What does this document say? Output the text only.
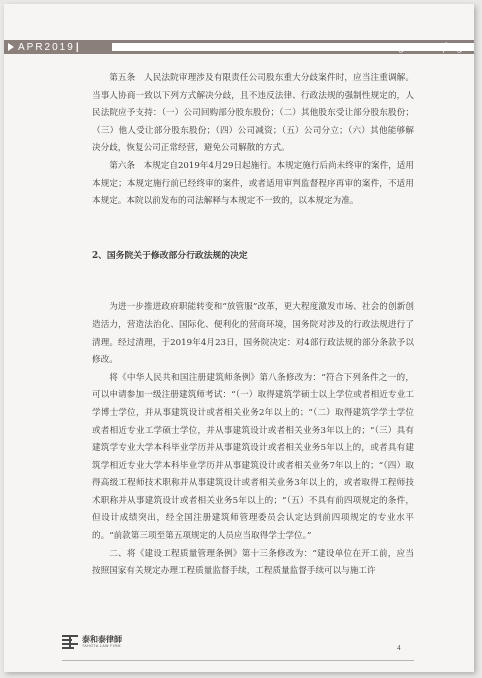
APR2019 |	Legal Briefing

第五条　人民法院审理涉及有限责任公司股东重大分歧案件时，应当注重调解。当事人协商一致以下列方式解决分歧，且不违反法律、行政法规的强制性规定的，人民法院应予支持：（一）公司回购部分股东股份；（二）其他股东受让部分股东股份；（三）他人受让部分股东股份；（四）公司减资；（五）公司分立；（六）其他能够解决分歧，恢复公司正常经营，避免公司解散的方式。

第六条　本规定自2019年4月29日起施行。本规定施行后尚未终审的案件，适用本规定；本规定施行前已经终审的案件，或者适用审判监督程序再审的案件，不适用本规定。本院以前发布的司法解释与本规定不一致的，以本规定为准。

2、国务院关于修改部分行政法规的决定

为进一步推进政府职能转变和“放管服”改革，更大程度激发市场、社会的创新创造活力，营造法治化、国际化、便利化的营商环境，国务院对涉及的行政法规进行了清理。经过清理，于2019年4月23日，国务院决定：对4部行政法规的部分条款予以修改。

将《中华人民共和国注册建筑师条例》第八条修改为：“符合下列条件之一的，可以申请参加一级注册建筑师考试：“（一）取得建筑学硕士以上学位或者相近专业工学博士学位，并从事建筑设计或者相关业务2年以上的；“（二）取得建筑学学士学位或者相近专业工学硕士学位，并从事建筑设计或者相关业务3年以上的；“（三）具有建筑学专业大学本科毕业学历并从事建筑设计或者相关业务5年以上的，或者具有建筑学相近专业大学本科毕业学历并从事建筑设计或者相关业务7年以上的；“（四）取得高级工程师技术职称并从事建筑设计或者相关业务3年以上的，或者取得工程师技术职称并从事建筑设计或者相关业务5年以上的；“（五）不具有前四项规定的条件，但设计成绩突出，经全国注册建筑师管理委员会认定达到前四项规定的专业水平的。“前款第三项至第五项规定的人员应当取得学士学位。”

二、将《建设工程质量管理条例》第十三条修改为：“建设单位在开工前，应当按照国家有关规定办理工程质量监督手续，工程质量监督手续可以与施工许

泰和泰律師
TAHOTA LAW FIRM	4
